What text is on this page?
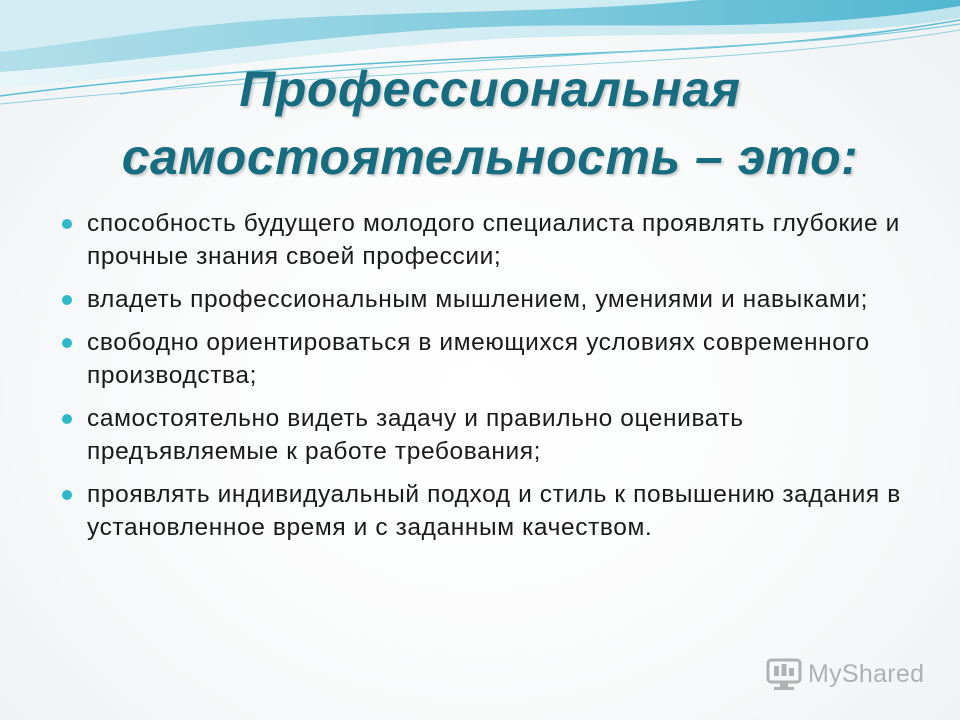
Профессиональная
самостоятельность – это:
способность будущего молодого специалиста проявлять глубокие и прочные знания своей профессии;
владеть профессиональным мышлением, умениями и навыками;
свободно ориентироваться в имеющихся условиях современного производства;
самостоятельно видеть задачу и правильно оценивать предъявляемые к работе требования;
проявлять индивидуальный подход и стиль к повышению задания в установленное время и с заданным качеством.
MyShared
